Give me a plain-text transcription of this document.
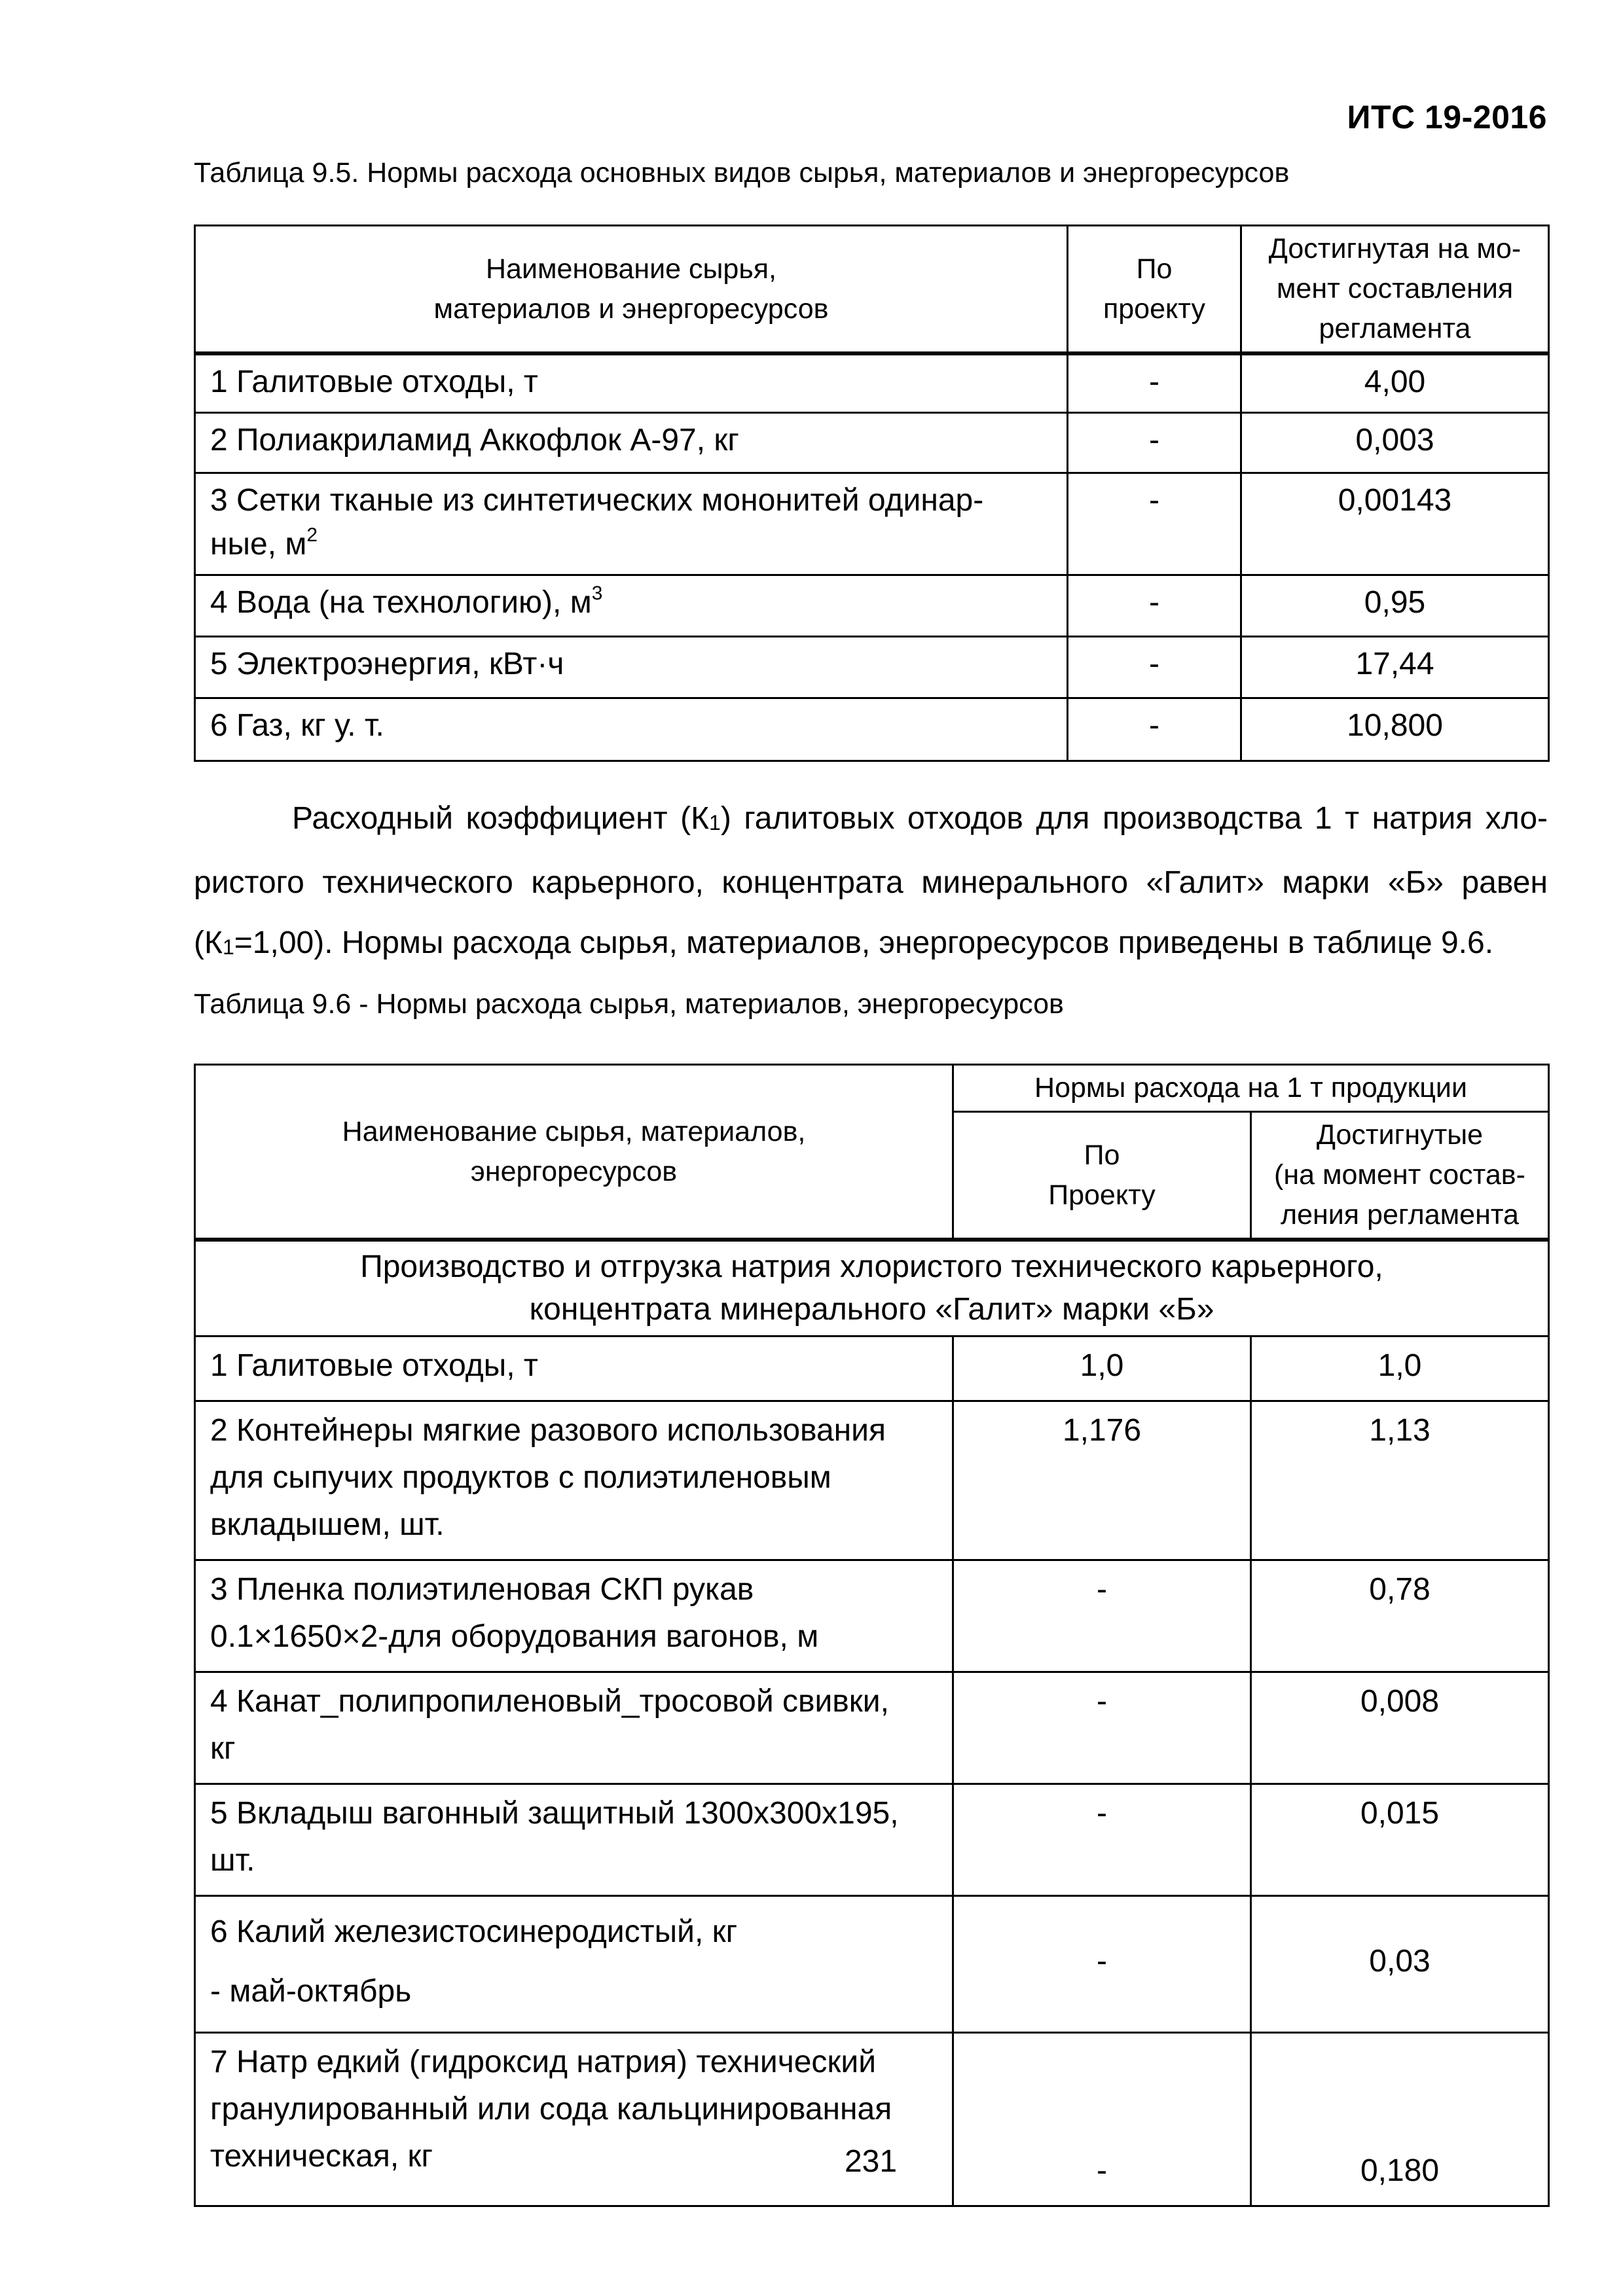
ИТС 19-2016
Таблица 9.5. Нормы расхода основных видов сырья, материалов и энергоресурсов
Наименование сырья,
материалов и энергоресурсов	По
проекту	Достигнутая на мо-
мент составления
регламента
1 Галитовые отходы, т	-	4,00
2 Полиакриламид Аккофлок А-97, кг	-	0,003
3 Сетки тканые из синтетических мононитей одинар-
ные, $м^2$	-	0,00143
4 Вода (на технологию), $м^3$	-	0,95
5 Электроэнергия, кВт·ч	-	17,44
6 Газ, кг у. т.	-	10,800
Расходный коэффициент (К1) галитовых отходов для производства 1 т натрия хло-ристого технического карьерного, концентрата минерального «Галит» марки «Б» равен (К1=1,00). Нормы расхода сырья, материалов, энергоресурсов приведены в таблице 9.6.
Таблица 9.6 - Нормы расхода сырья, материалов, энергоресурсов
Наименование сырья, материалов,
энергоресурсов	Нормы расхода на 1 т продукции	
	По
Проекту	Достигнутые
(на момент состав-
ления регламента
Производство и отгрузка натрия хлористого технического карьерного,
концентрата минерального «Галит» марки «Б»		
1 Галитовые отходы, т	1,0	1,0
2 Контейнеры мягкие разового использования
для сыпучих продуктов с полиэтиленовым
вкладышем, шт.	1,176	1,13
3 Пленка полиэтиленовая СКП рукав
0.1×1650×2-для оборудования вагонов, м	-	0,78
4 Канат_полипропиленовый_тросовой свивки,
кг	-	0,008
5 Вкладыш вагонный защитный 1300х300х195,
шт.	-	0,015
6 Калий железистосинеродистый, кг
- май-октябрь	-	0,03
7 Натр едкий (гидроксид натрия) технический
гранулированный или сода кальцинированная
техническая, кг	-	0,180
231
